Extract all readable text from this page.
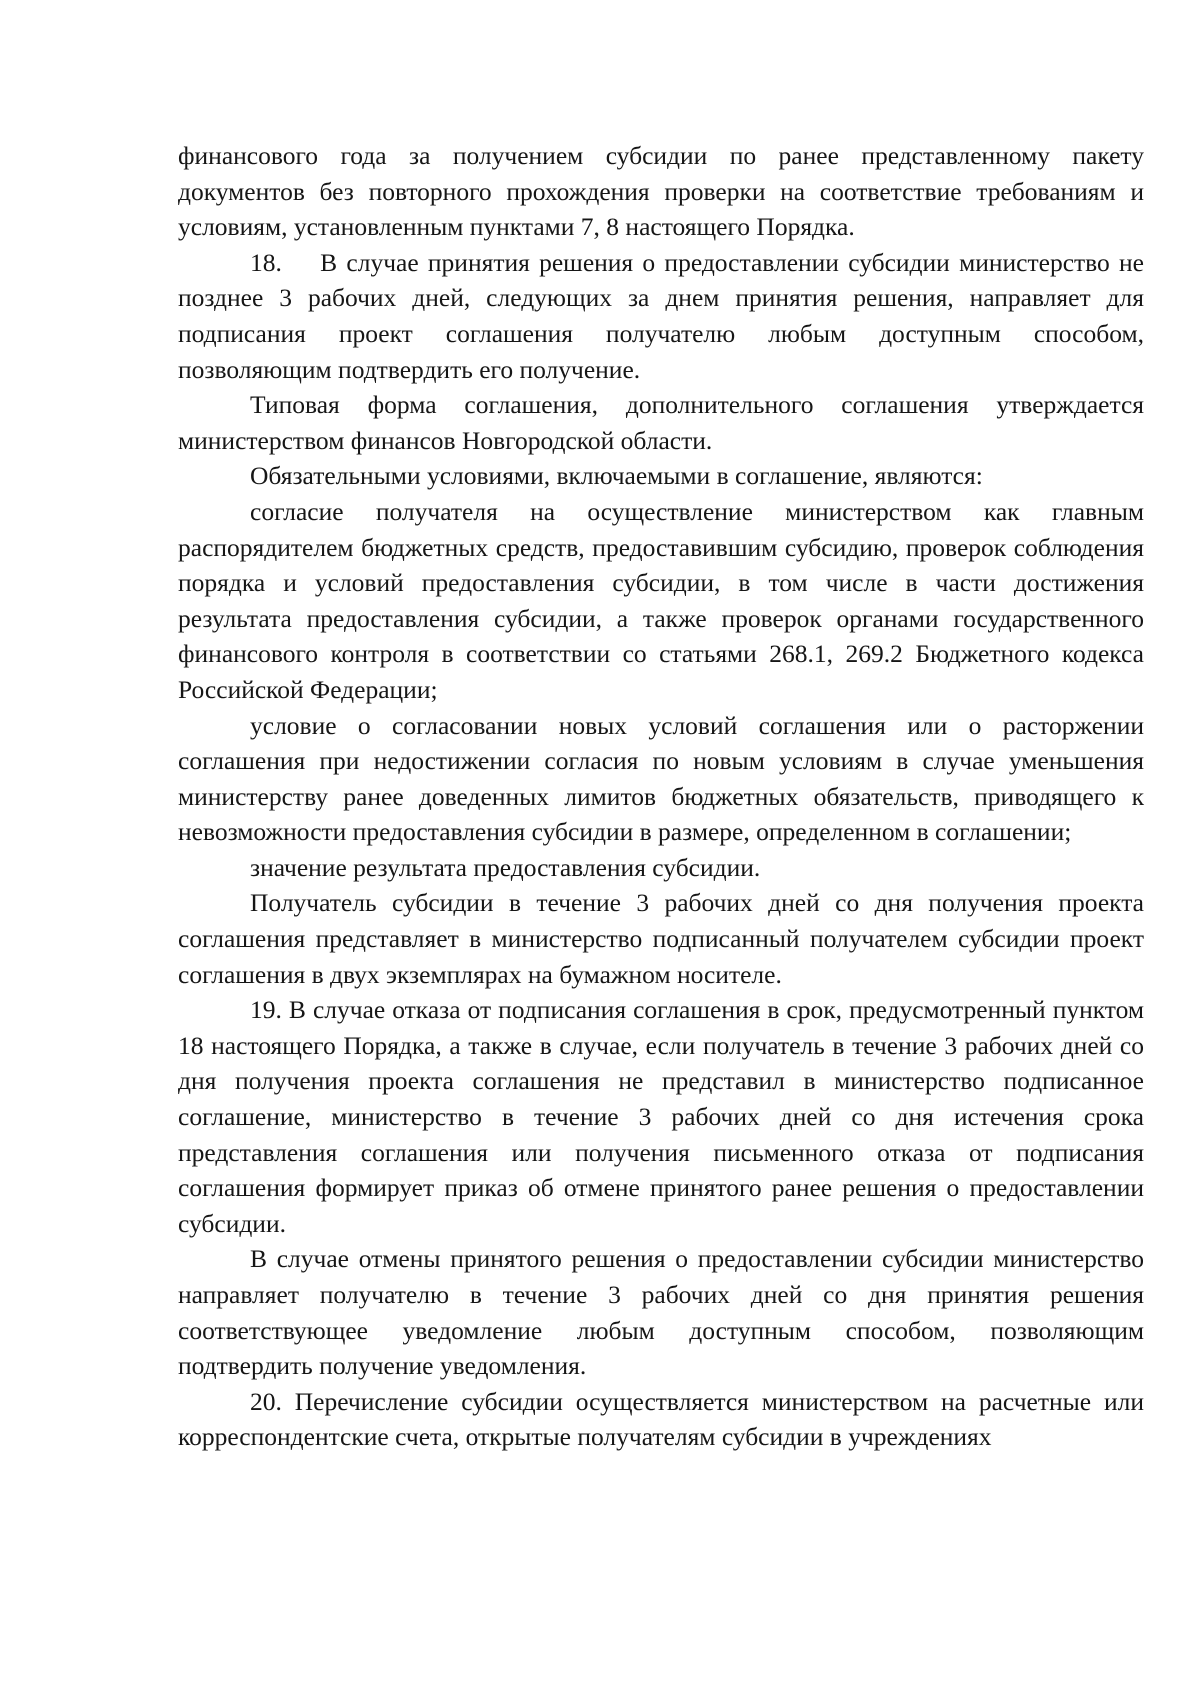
финансового года за получением субсидии по ранее представленному пакету документов без повторного прохождения проверки на соответствие требованиям и условиям, установленным пунктами 7, 8 настоящего Порядка.

18.  В случае принятия решения о предоставлении субсидии министерство не позднее 3 рабочих дней, следующих за днем принятия решения, направляет для подписания проект соглашения получателю любым доступным способом, позволяющим подтвердить его получение.

Типовая форма соглашения, дополнительного соглашения утверждается министерством финансов Новгородской области.

Обязательными условиями, включаемыми в соглашение, являются:

согласие получателя на осуществление министерством как главным распорядителем бюджетных средств, предоставившим субсидию, проверок соблюдения порядка и условий предоставления субсидии, в том числе в части достижения результата предоставления субсидии, а также проверок органами государственного финансового контроля в соответствии со статьями 268.1, 269.2 Бюджетного кодекса Российской Федерации;

условие о согласовании новых условий соглашения или о расторжении соглашения при недостижении согласия по новым условиям в случае уменьшения министерству ранее доведенных лимитов бюджетных обязательств, приводящего к невозможности предоставления субсидии в размере, определенном в соглашении;

значение результата предоставления субсидии.

Получатель субсидии в течение 3 рабочих дней со дня получения проекта соглашения представляет в министерство подписанный получателем субсидии проект соглашения в двух экземплярах на бумажном носителе.

19. В случае отказа от подписания соглашения в срок, предусмотренный пунктом 18 настоящего Порядка, а также в случае, если получатель в течение 3 рабочих дней со дня получения проекта соглашения не представил в министерство подписанное соглашение, министерство в течение 3 рабочих дней со дня истечения срока представления соглашения или получения письменного отказа от подписания соглашения формирует приказ об отмене принятого ранее решения о предоставлении субсидии.

В случае отмены принятого решения о предоставлении субсидии министерство направляет получателю в течение 3 рабочих дней со дня принятия решения соответствующее уведомление любым доступным способом, позволяющим подтвердить получение уведомления.

20. Перечисление субсидии осуществляется министерством на расчетные или корреспондентские счета, открытые получателям субсидии в учреждениях
